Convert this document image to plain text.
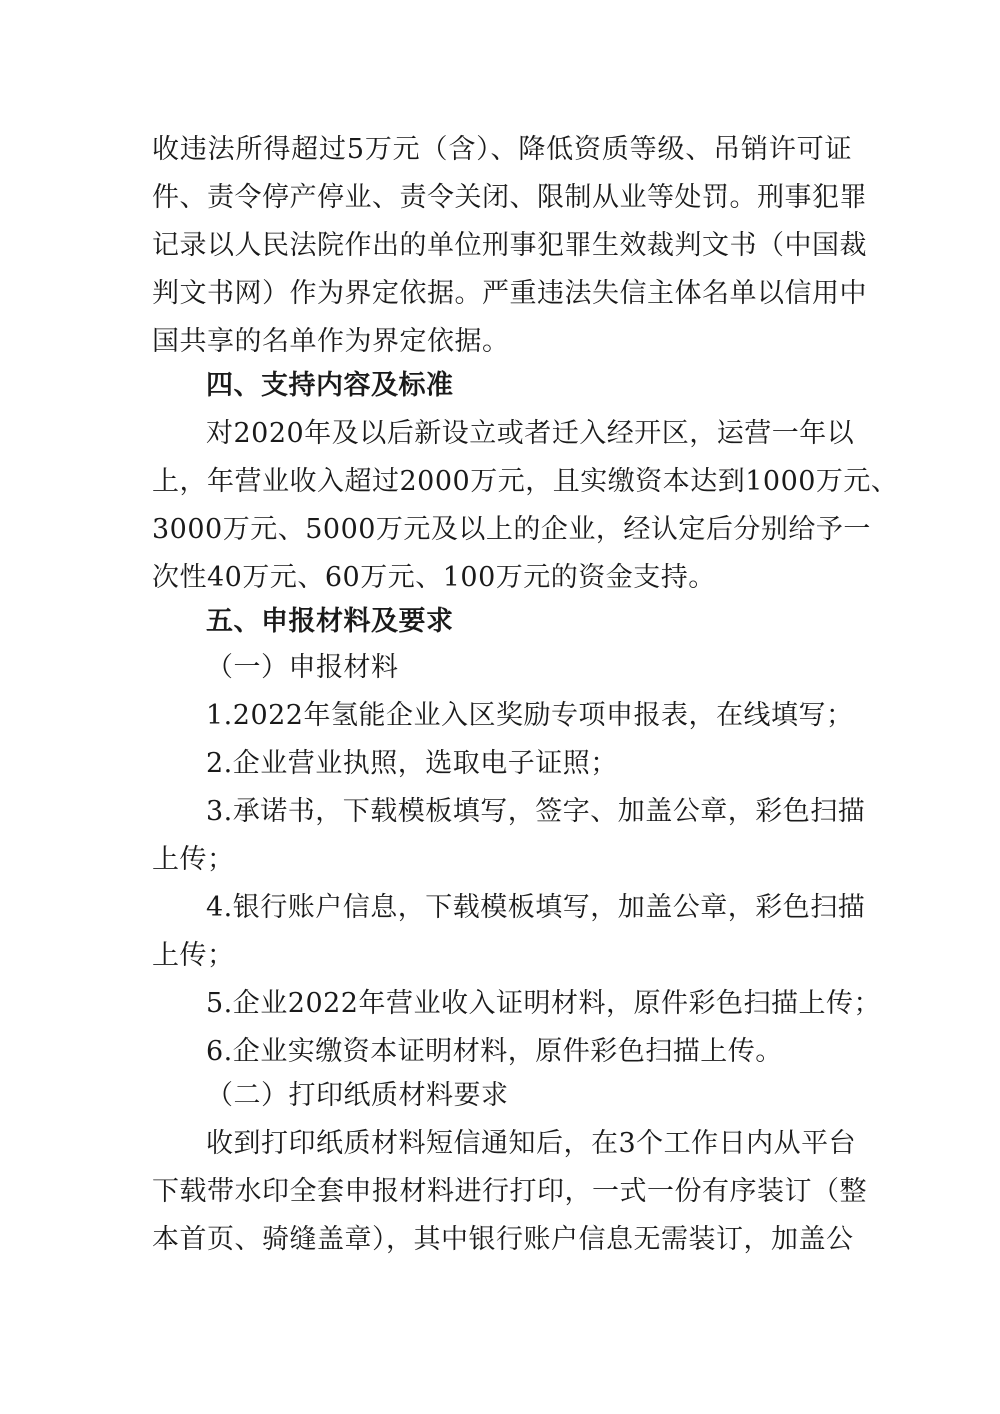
收违法所得超过5万元（含）、降低资质等级、吊销许可证
件、责令停产停业、责令关闭、限制从业等处罚。刑事犯罪
记录以人民法院作出的单位刑事犯罪生效裁判文书（中国裁
判文书网）作为界定依据。严重违法失信主体名单以信用中
国共享的名单作为界定依据。
四、支持内容及标准
对2020年及以后新设立或者迁入经开区，运营一年以
上，年营业收入超过2000万元，且实缴资本达到1000万元、
3000万元、5000万元及以上的企业，经认定后分别给予一
次性40万元、60万元、100万元的资金支持。
五、申报材料及要求
（一）申报材料
1.2022年氢能企业入区奖励专项申报表，在线填写；
2.企业营业执照，选取电子证照；
3.承诺书，下载模板填写，签字、加盖公章，彩色扫描
上传；
4.银行账户信息，下载模板填写，加盖公章，彩色扫描
上传；
5.企业2022年营业收入证明材料，原件彩色扫描上传；
6.企业实缴资本证明材料，原件彩色扫描上传。
（二）打印纸质材料要求
收到打印纸质材料短信通知后，在3个工作日内从平台
下载带水印全套申报材料进行打印，一式一份有序装订（整
本首页、骑缝盖章），其中银行账户信息无需装订，加盖公
